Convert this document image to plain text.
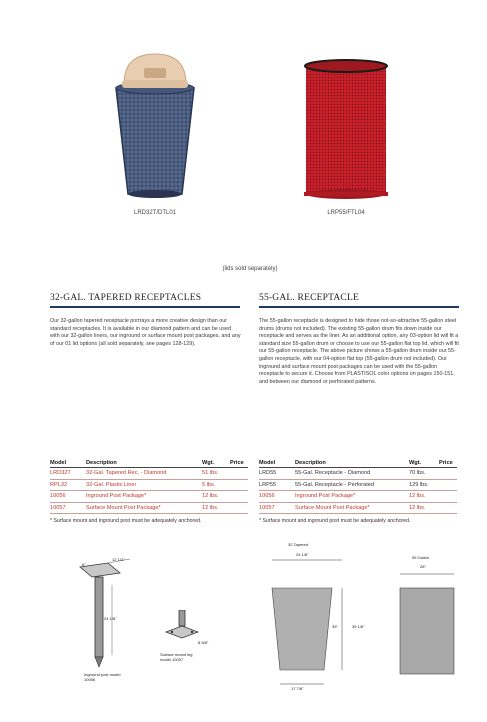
LRD32T/DTL01	LRP55/FTL04
(lids sold separately)
32-GAL. TAPERED RECEPTACLES
Our 32-gallon tapered receptacle portrays a more creative design than our standard receptacles. It is available in our diamond pattern and can be used with our 32-gallon liners, our inground or surface mount post packages, and any of our 01 lid options (all sold separately, see pages 128-129).
Model	Description	Wgt.	Price
LRD32T	32-Gal. Tapered Rec. - Diamond	51 lbs.	
RPL32	32-Gal. Plastic Liner	5 lbs.	
10056	Inground Post Package*	12 lbs.	
10057	Surface Mount Post Package*	12 lbs.	
* Surface mount and inground post must be adequately anchored.
55-GAL. RECEPTACLE
The 55-gallon receptacle is designed to hide those not-so-attractive 55-gallon steel drums (drums not included). The existing 55-gallon drum fits down inside our receptacle and serves as the liner. As an additional option, any 03-option lid will fit a standard size 55-gallon drum or choose to use our 55-gallon flat top lid, which will fit our 55-gallon receptacle. The above picture shows a 55-gallon drum inside our 55-gallon receptacle, with our 04-option flat top (55-gallon drum not included). Our inground and surface mount post packages can be used with the 55-gallon receptacle to secure it. Choose from PLASTISOL color options on pages 150-151, and between our diamond or perforated patterns.
Model	Description	Wgt.	Price
LRD55	55-Gal. Receptacle - Diamond	70 lbs.	
LRP55	55-Gal. Receptacle - Perforated	129 lbs.	
10056	Inground Post Package*	12 lbs.	
10057	Surface Mount Post Package*	12 lbs.	
* Surface mount and inground post must be adequately anchored.
12 1/2"
6"
24 1/8"
Inground post model 10056
8 5/8"
Surface mount leg model 10057
32 Tapered
24 1/8"
39"	39 1/8"
17 7/8"
55 Gallon
28"
